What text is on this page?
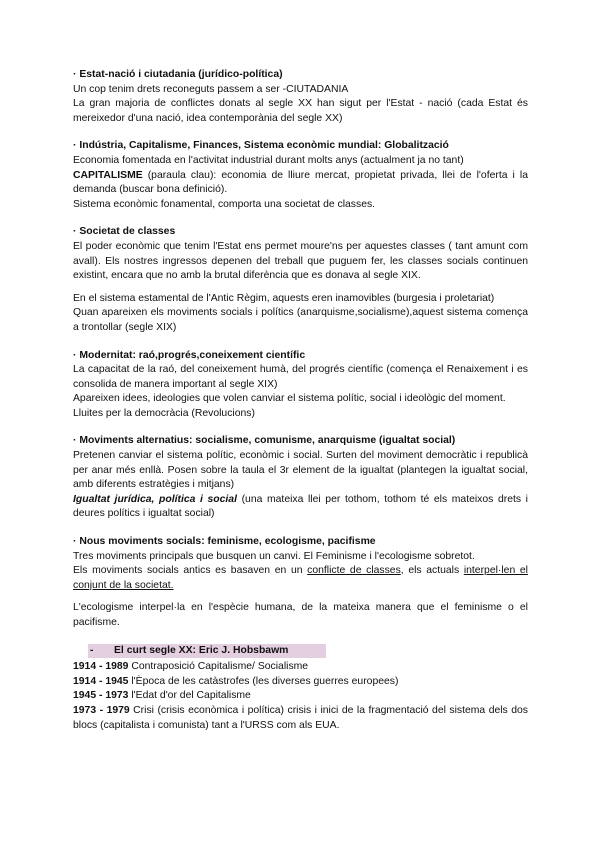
· Estat-nació i ciutadania (jurídico-política)

Un cop tenim drets reconeguts passem a ser -CIUTADANIA

La gran majoria de conflictes donats al segle XX han sigut per l'Estat - nació (cada Estat és mereixedor d'una nació, idea contemporània del segle XX)

· Indústria, Capitalisme, Finances, Sistema econòmic mundial: Globalització

Economia fomentada en l'activitat industrial durant molts anys (actualment ja no tant)

CAPITALISME (paraula clau): economia de lliure mercat, propietat privada, llei de l'oferta i la demanda (buscar bona definició).

Sistema econòmic fonamental, comporta una societat de classes.

· Societat de classes

El poder econòmic que tenim l'Estat ens permet moure'ns per aquestes classes ( tant amunt com avall). Els nostres ingressos depenen del treball que puguem fer, les classes socials continuen existint, encara que no amb la brutal diferència que es donava al segle XIX.

En el sistema estamental de l'Antic Règim, aquests eren inamovibles (burgesia i proletariat)

Quan apareixen els moviments socials i polítics (anarquisme,socialisme),aquest sistema comença a trontollar (segle XIX)

· Modernitat: raó,progrés,coneixement científic

La capacitat de la raó, del coneixement humà, del progrés científic (comença el Renaixement i es consolida de manera important al segle XIX)

Apareixen idees, ideologies que volen canviar el sistema polític, social i ideològic del moment.

Lluites per la democràcia (Revolucions)

· Moviments alternatius: socialisme, comunisme, anarquisme (igualtat social)

Pretenen canviar el sistema polític, econòmic i social. Surten del moviment democràtic i republicà per anar més enllà. Posen sobre la taula el 3r element de la igualtat (plantegen la igualtat social, amb diferents estratègies i mitjans)

Igualtat jurídica, política i social (una mateixa llei per tothom, tothom té els mateixos drets i deures polítics i igualtat social)

· Nous moviments socials: feminisme, ecologisme, pacifisme

Tres moviments principals que busquen un canvi. El Feminisme i l'ecologisme sobretot.

Els moviments socials antics es basaven en un conflicte de classes, els actuals interpel·len el conjunt de la societat.

L'ecologisme interpel·la en l'espècie humana, de la mateixa manera que el feminisme o el pacifisme.

- El curt segle XX: Eric J. Hobsbawm

1914 - 1989 Contraposició Capitalisme/ Socialisme

1914 - 1945 l'Època de les catàstrofes (les diverses guerres europees)

1945 - 1973 l'Edat d'or del Capitalisme

1973 - 1979 Crisi (crisis econòmica i política) crisis i inici de la fragmentació del sistema dels dos blocs (capitalista i comunista) tant a l'URSS com als EUA.
